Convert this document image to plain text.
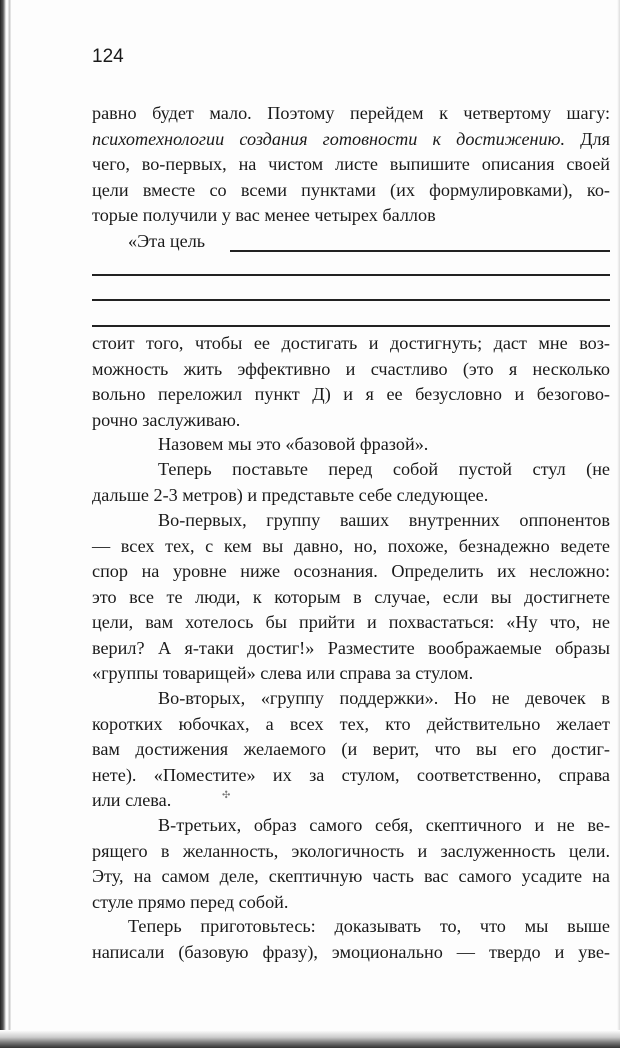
124
равно будет мало. Поэтому перейдем к четвертому шагу:
психотехнологии создания готовности к достижению. Для
чего, во-первых, на чистом листе выпишите описания своей
цели вместе со всеми пунктами (их формулировками), ко-
торые получили у вас менее четырех баллов
«Эта цель
стоит того, чтобы ее достигать и достигнуть; даст мне воз-
можность жить эффективно и счастливо (это я несколько
вольно переложил пункт Д) и я ее безусловно и безогово-
рочно заслуживаю.
Назовем мы это «базовой фразой».
Теперь поставьте перед собой пустой стул (не
дальше 2-3 метров) и представьте себе следующее.
Во-первых, группу ваших внутренних оппонентов
— всех тех, с кем вы давно, но, похоже, безнадежно ведете
спор на уровне ниже осознания. Определить их несложно:
это все те люди, к которым в случае, если вы достигнете
цели, вам хотелось бы прийти и похвастаться: «Ну что, не
верил? А я-таки достиг!» Разместите воображаемые образы
«группы товарищей» слева или справа за стулом.
Во-вторых, «группу поддержки». Но не девочек в
коротких юбочках, а всех тех, кто действительно желает
вам достижения желаемого (и верит, что вы его достиг-
нете). «Поместите» их за стулом, соответственно, справа
или слева.	✣
В-третьих, образ самого себя, скептичного и не ве-
рящего в желанность, экологичность и заслуженность цели.
Эту, на самом деле, скептичную часть вас самого усадите на
стуле прямо перед собой.
Теперь приготовьтесь: доказывать то, что мы выше
написали (базовую фразу), эмоционально — твердо и уве-
